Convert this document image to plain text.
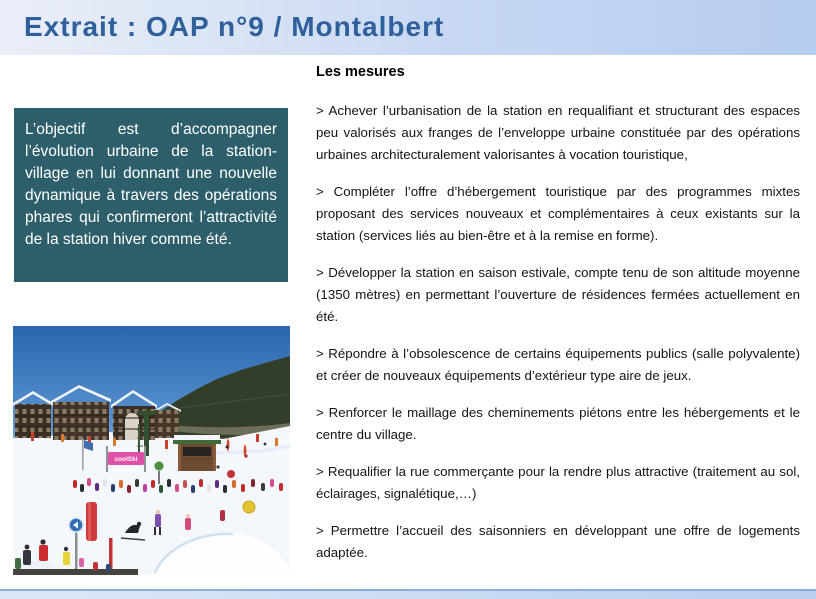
Extrait : OAP n°9 / Montalbert
L’objectif est d’accompagner l’évolution urbaine de la station-village en lui donnant une nouvelle dynamique à travers des opérations phares qui confirmeront l’attractivité de la station hiver comme été.
Les mesures

> Achever l’urbanisation de la station en requalifiant et structurant des espaces peu valorisés aux franges de l’enveloppe urbaine constituée par des opérations urbaines architecturalement valorisantes à vocation touristique,

> Compléter l’offre d’hébergement touristique par des programmes mixtes proposant des services nouveaux et complémentaires à ceux existants sur la station (services liés au bien-être et à la remise en forme).

> Développer la station en saison estivale, compte tenu de son altitude moyenne (1350 mètres) en permettant l’ouverture de résidences fermées actuellement en été.

> Répondre à l’obsolescence de certains équipements publics (salle polyvalente) et créer de nouveaux équipements d’extérieur type aire de jeux.

> Renforcer le maillage des cheminements piétons entre les hébergements et le centre du village.

> Requalifier la rue commerçante pour la rendre plus attractive (traitement au sol, éclairages, signalétique,…)

> Permettre l’accueil des saisonniers en développant une offre de logements adaptée.

coolSki
